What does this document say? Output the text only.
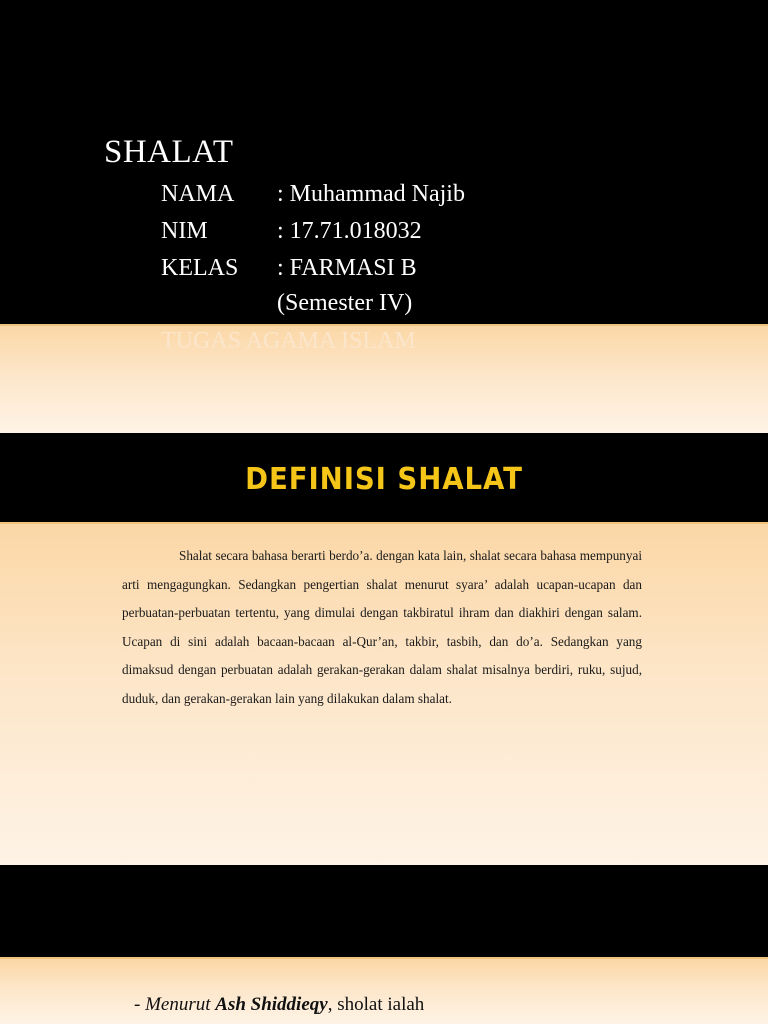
SHALAT
NAMA : Muhammad Najib
NIM	: 17.71.018032
KELAS : FARMASI B
(Semester IV)
TUGAS AGAMA ISLAM
DEFINISI SHALAT
Shalat secara bahasa berarti berdo’a. dengan kata lain, shalat secara bahasa mempunyai arti mengagungkan. Sedangkan pengertian shalat menurut syara’ adalah ucapan-ucapan dan perbuatan-perbuatan tertentu, yang dimulai dengan takbiratul ihram dan diakhiri dengan salam. Ucapan di sini adalah bacaan-bacaan al-Qur’an, takbir, tasbih, dan do’a. Sedangkan yang dimaksud dengan perbuatan adalah gerakan-gerakan dalam shalat misalnya berdiri, ruku, sujud, duduk, dan gerakan-gerakan lain yang dilakukan dalam shalat.
- Menurut Ash Shiddieqy, sholat ialah
